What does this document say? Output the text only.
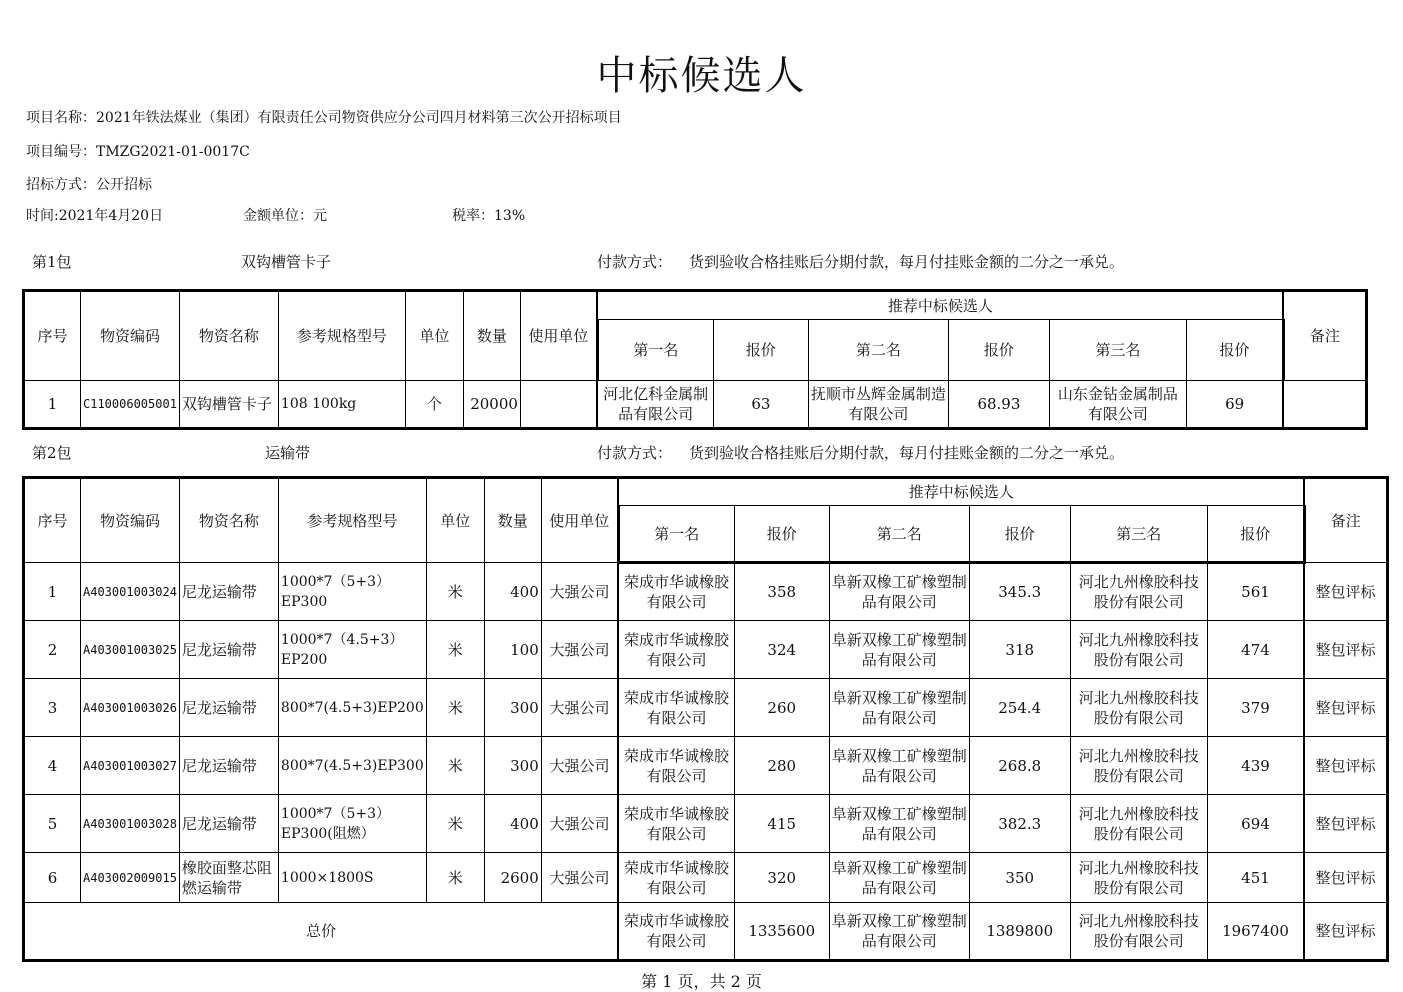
中标候选人
项目名称：2021年铁法煤业（集团）有限责任公司物资供应分公司四月材料第三次公开招标项目
项目编号：TMZG2021-01-0017C
招标方式：公开招标
时间:2021年4月20日	金额单位：元	税率：13%
第1包	双钩槽管卡子	付款方式： 货到验收合格挂账后分期付款，每月付挂账金额的二分之一承兑。
序号	物资编码	物资名称	参考规格型号	单位	数量	使用单位	推荐中标候选人						备注
							第一名	报价	第二名	报价	第三名	报价	
1	C110006005001	双钩槽管卡子	108 100kg	个	20000		河北亿科金属制品有限公司	63	抚顺市丛辉金属制造有限公司	68.93	山东金钻金属制品有限公司	69	
第2包	运输带	付款方式： 货到验收合格挂账后分期付款，每月付挂账金额的二分之一承兑。
序号	物资编码	物资名称	参考规格型号	单位	数量	使用单位	推荐中标候选人						备注
							第一名	报价	第二名	报价	第三名	报价	
1	A403001003024	尼龙运输带	1000*7（5+3）EP300	米	400	大强公司	荣成市华诚橡胶有限公司	358	阜新双橡工矿橡塑制品有限公司	345.3	河北九州橡胶科技股份有限公司	561	整包评标
2	A403001003025	尼龙运输带	1000*7（4.5+3）EP200	米	100	大强公司	荣成市华诚橡胶有限公司	324	阜新双橡工矿橡塑制品有限公司	318	河北九州橡胶科技股份有限公司	474	整包评标
3	A403001003026	尼龙运输带	800*7(4.5+3)EP200	米	300	大强公司	荣成市华诚橡胶有限公司	260	阜新双橡工矿橡塑制品有限公司	254.4	河北九州橡胶科技股份有限公司	379	整包评标
4	A403001003027	尼龙运输带	800*7(4.5+3)EP300	米	300	大强公司	荣成市华诚橡胶有限公司	280	阜新双橡工矿橡塑制品有限公司	268.8	河北九州橡胶科技股份有限公司	439	整包评标
5	A403001003028	尼龙运输带	1000*7（5+3）EP300(阻燃）	米	400	大强公司	荣成市华诚橡胶有限公司	415	阜新双橡工矿橡塑制品有限公司	382.3	河北九州橡胶科技股份有限公司	694	整包评标
6	A403002009015	橡胶面整芯阻燃运输带	1000×1800S	米	2600	大强公司	荣成市华诚橡胶有限公司	320	阜新双橡工矿橡塑制品有限公司	350	河北九州橡胶科技股份有限公司	451	整包评标
总价							荣成市华诚橡胶有限公司	1335600	阜新双橡工矿橡塑制品有限公司	1389800	河北九州橡胶科技股份有限公司	1967400	整包评标
第 1 页，共 2 页
